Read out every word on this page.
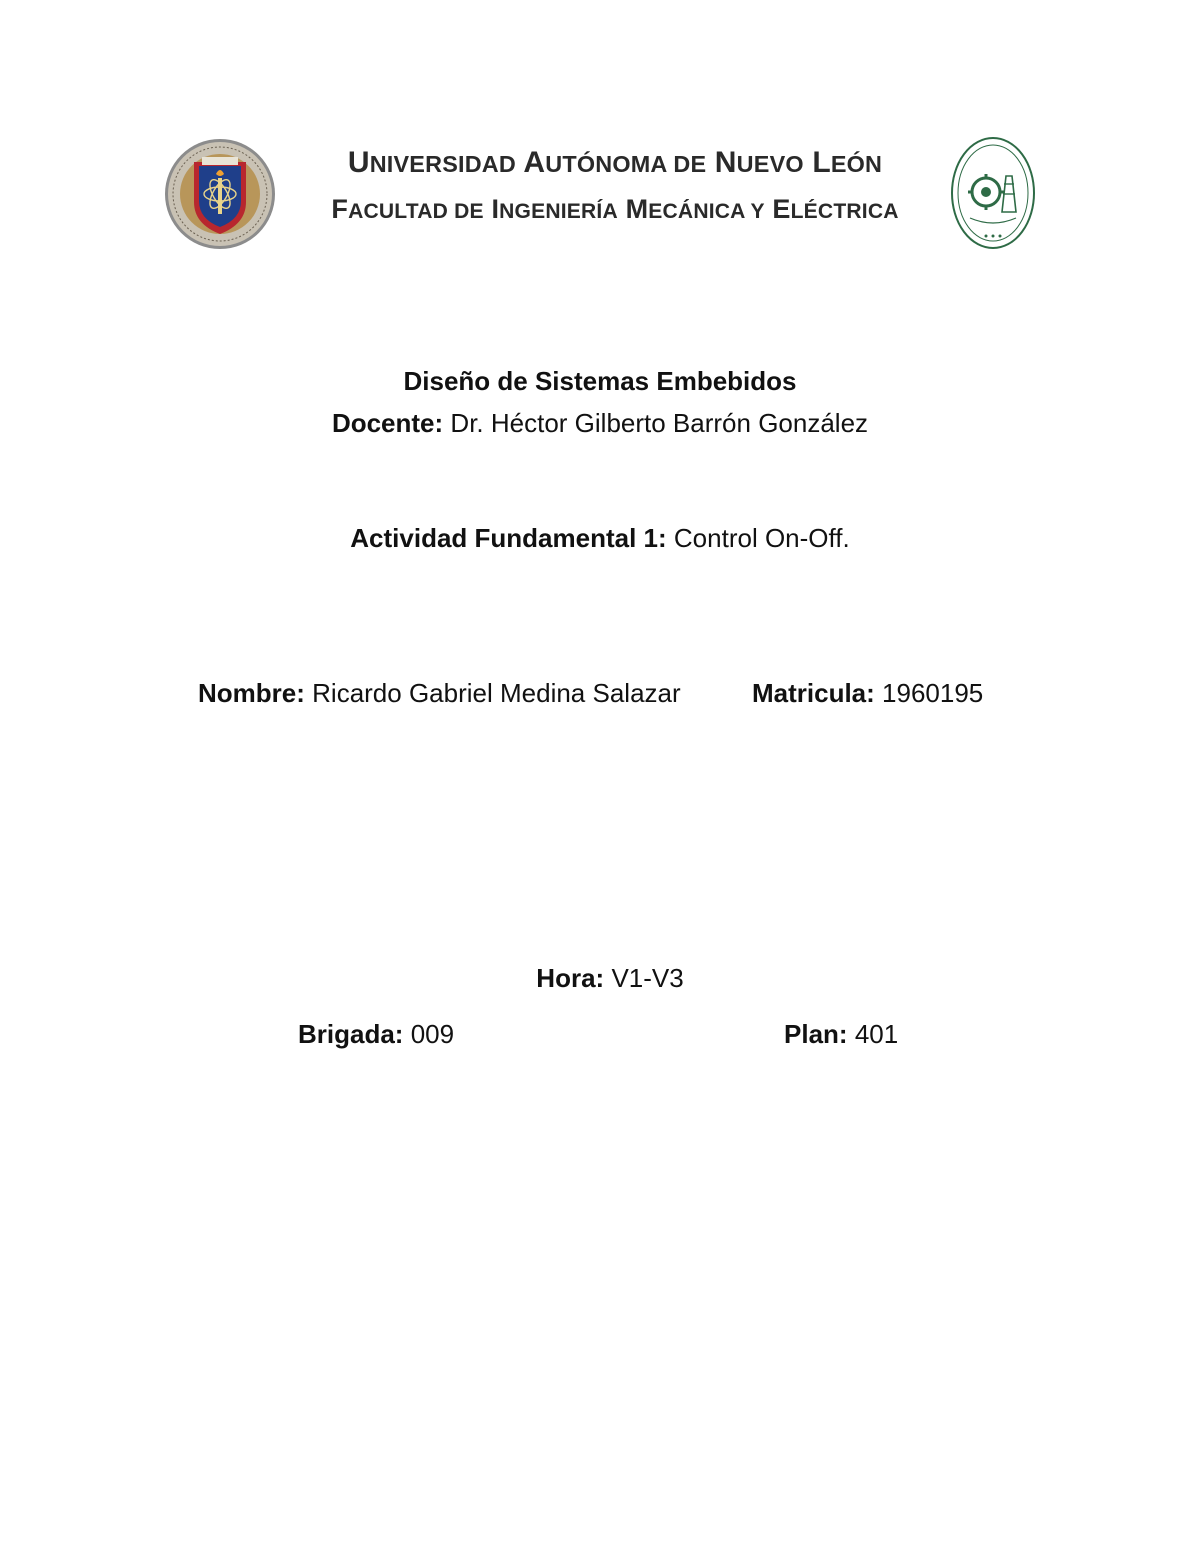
UNIVERSIDAD AUTÓNOMA DE NUEVO LEÓN
FACULTAD DE INGENIERÍA MECÁNICA Y ELÉCTRICA
Diseño de Sistemas Embebidos
Docente: Dr. Héctor Gilberto Barrón González
Actividad Fundamental 1: Control On-Off.
Nombre: Ricardo Gabriel Medina Salazar	Matricula: 1960195
Hora: V1-V3
Brigada: 009	Plan: 401
